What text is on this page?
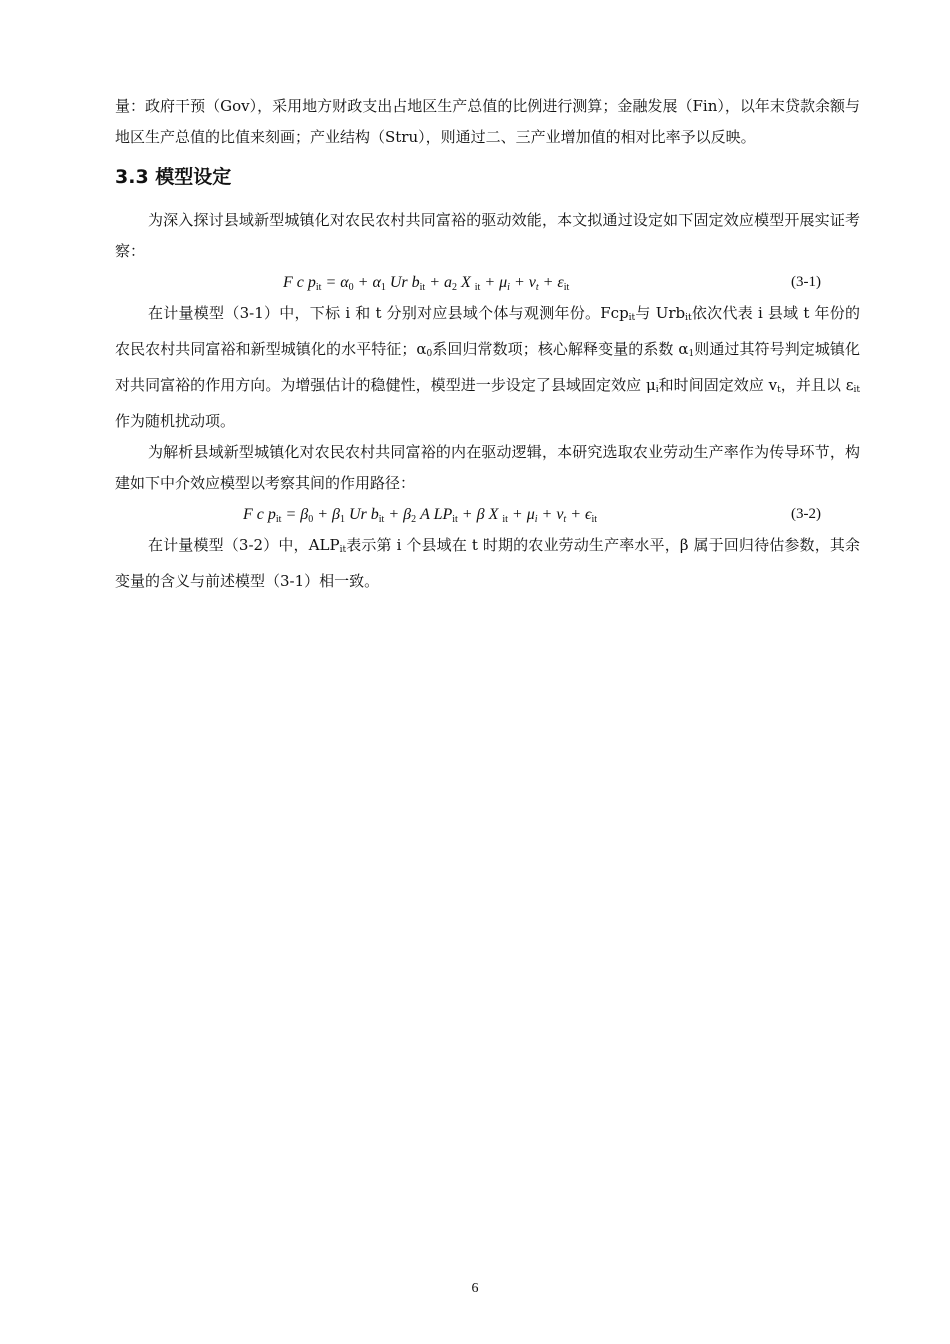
量：政府干预（Gov），采用地方财政支出占地区生产总值的比例进行测算；金融发展（Fin），以年末贷款余额与地区生产总值的比值来刻画；产业结构（Stru），则通过二、三产业增加值的相对比率予以反映。

3.3 模型设定

为深入探讨县域新型城镇化对农民农村共同富裕的驱动效能，本文拟通过设定如下固定效应模型开展实证考察：

F c $p_{it} = \alpha_0 + \alpha_1$ Ur $b_{it} + a_2$ X $_{it} + \mu_i + v_t + \varepsilon_{it}$	(3-1)

在计量模型（3-1）中，下标 i 和 t 分别对应县域个体与观测年份。Fcp$_{it}$与 Urb$_{it}$依次代表 i 县域 t 年份的农民农村共同富裕和新型城镇化的水平特征；$\alpha_0$系回归常数项；核心解释变量的系数 $\alpha_1$则通过其符号判定城镇化对共同富裕的作用方向。为增强估计的稳健性，模型进一步设定了县域固定效应 $\mu_i$和时间固定效应 $v_t$，并且以 $\varepsilon_{it}$作为随机扰动项。

为解析县域新型城镇化对农民农村共同富裕的内在驱动逻辑，本研究选取农业劳动生产率作为传导环节，构建如下中介效应模型以考察其间的作用路径：

F c $p_{it} = \beta_0 + \beta_1$ Ur $b_{it} + \beta_2$ A $LP_{it} + \beta$ X $_{it} + \mu_i + v_t + \epsilon_{it}$	(3-2)

在计量模型（3-2）中，$ALP_{it}$表示第 i 个县域在 t 时期的农业劳动生产率水平，β 属于回归待估参数，其余变量的含义与前述模型（3-1）相一致。

6
